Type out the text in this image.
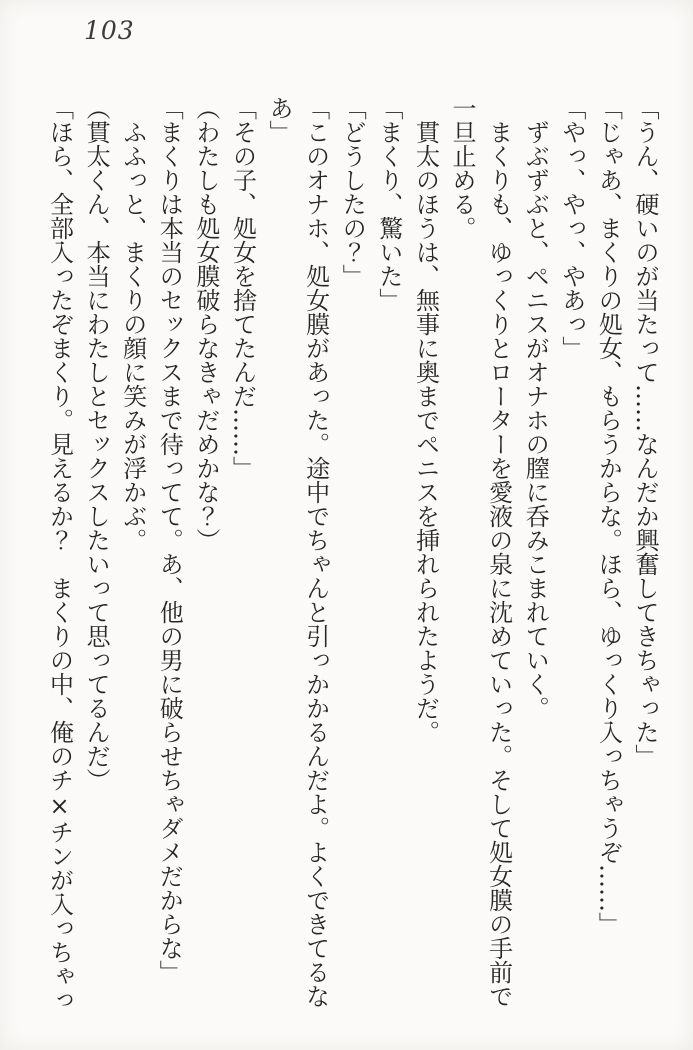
103

「うん、硬いのが当たって……なんだか興奮してきちゃった」

「じゃあ、まくりの処女、もらうからな。ほら、ゆっくり入っちゃうぞ……」

「やっ、やっ、やあっ」

ずぶずぶと、ペニスがオナホの膣に呑みこまれていく。

まくりも、ゆっくりとローターを愛液の泉に沈めていった。そして処女膜の手前で

一旦止める。

貫太のほうは、無事に奥までペニスを挿れられたようだ。

「まくり、驚いた」

「どうしたの？」

「このオナホ、処女膜があった。途中でちゃんと引っかかるんだよ。よくできてるな

あ」

「その子、処女を捨てたんだ……」

（わたしも処女膜破らなきゃだめかな？）

「まくりは本当のセックスまで待ってて。あ、他の男に破らせちゃダメだからな」

ふふっと、まくりの顔に笑みが浮かぶ。

（貫太くん、本当にわたしとセックスしたいって思ってるんだ）

「ほら、全部入ったぞまくり。見えるか？　まくりの中、俺のチ×チンが入っちゃっ
